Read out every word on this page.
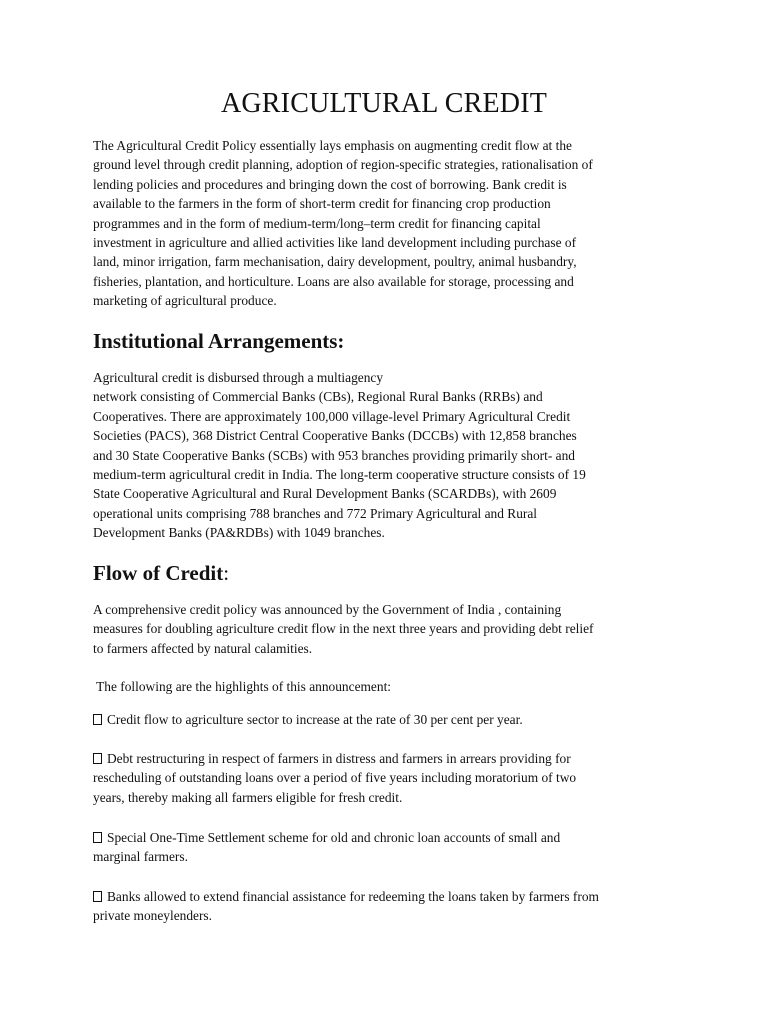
AGRICULTURAL CREDIT

The Agricultural Credit Policy essentially lays emphasis on augmenting credit flow at the
ground level through credit planning, adoption of region-specific strategies, rationalisation of
lending policies and procedures and bringing down the cost of borrowing. Bank credit is
available to the farmers in the form of short-term credit for financing crop production
programmes and in the form of medium-term/long–term credit for financing capital
investment in agriculture and allied activities like land development including purchase of
land, minor irrigation, farm mechanisation, dairy development, poultry, animal husbandry,
fisheries, plantation, and horticulture. Loans are also available for storage, processing and
marketing of agricultural produce.

Institutional Arrangements:

Agricultural credit is disbursed through a multiagency
network consisting of Commercial Banks (CBs), Regional Rural Banks (RRBs) and
Cooperatives. There are approximately 100,000 village-level Primary Agricultural Credit
Societies (PACS), 368 District Central Cooperative Banks (DCCBs) with 12,858 branches
and 30 State Cooperative Banks (SCBs) with 953 branches providing primarily short- and
medium-term agricultural credit in India. The long-term cooperative structure consists of 19
State Cooperative Agricultural and Rural Development Banks (SCARDBs), with 2609
operational units comprising 788 branches and 772 Primary Agricultural and Rural
Development Banks (PA&RDBs) with 1049 branches.

Flow of Credit:

A comprehensive credit policy was announced by the Government of India , containing
measures for doubling agriculture credit flow in the next three years and providing debt relief
to farmers affected by natural calamities.

The following are the highlights of this announcement:

Credit flow to agriculture sector to increase at the rate of 30 per cent per year.

Debt restructuring in respect of farmers in distress and farmers in arrears providing for
rescheduling of outstanding loans over a period of five years including moratorium of two
years, thereby making all farmers eligible for fresh credit.

Special One-Time Settlement scheme for old and chronic loan accounts of small and
marginal farmers.

Banks allowed to extend financial assistance for redeeming the loans taken by farmers from
private moneylenders.
